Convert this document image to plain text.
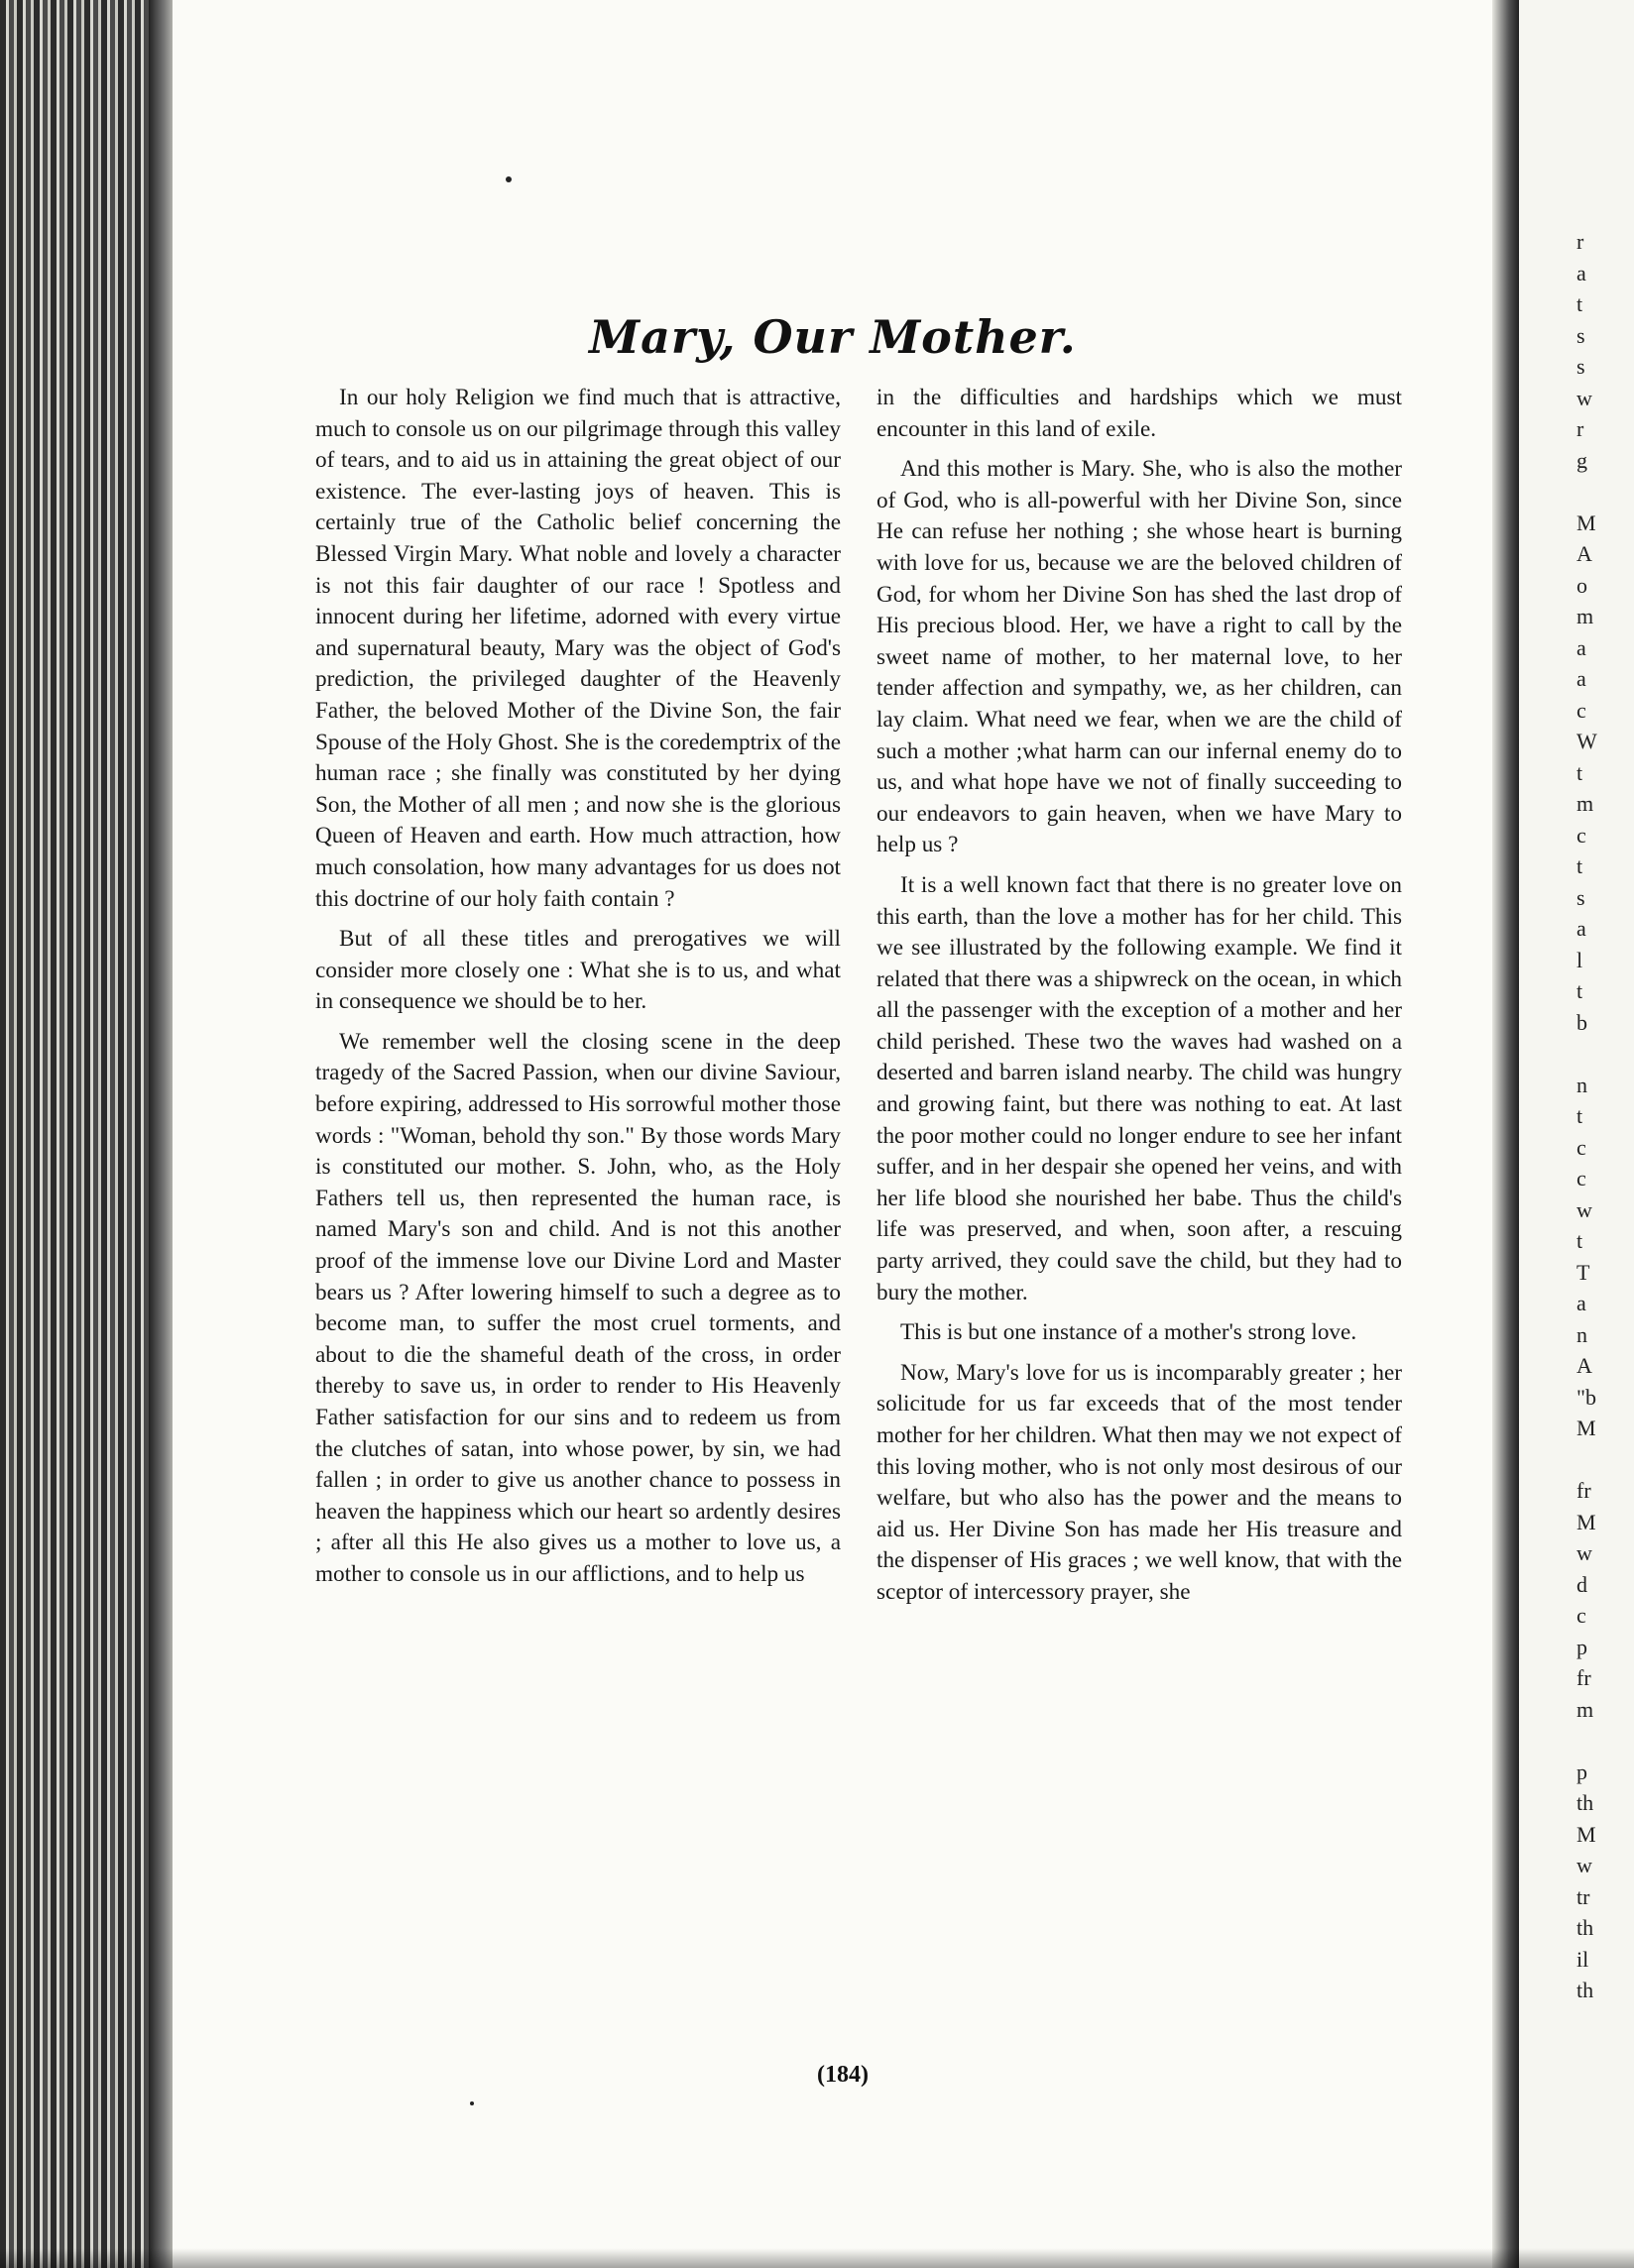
Mary, Our Mother.

In our holy Religion we find much that is attractive, much to console us on our pilgrimage through this valley of tears, and to aid us in attaining the great object of our existence. The ever-lasting joys of heaven. This is certainly true of the Catholic belief concerning the Blessed Virgin Mary. What noble and lovely a character is not this fair daughter of our race ! Spotless and innocent during her lifetime, adorned with every virtue and supernatural beauty, Mary was the object of God's prediction, the privileged daughter of the Heavenly Father, the beloved Mother of the Divine Son, the fair Spouse of the Holy Ghost. She is the coredemptrix of the human race ; she finally was constituted by her dying Son, the Mother of all men ; and now she is the glorious Queen of Heaven and earth. How much attraction, how much consolation, how many advantages for us does not this doctrine of our holy faith contain ?

But of all these titles and prerogatives we will consider more closely one : What she is to us, and what in consequence we should be to her.

We remember well the closing scene in the deep tragedy of the Sacred Passion, when our divine Saviour, before expiring, addressed to His sorrowful mother those words : "Woman, behold thy son." By those words Mary is constituted our mother. S. John, who, as the Holy Fathers tell us, then represented the human race, is named Mary's son and child. And is not this another proof of the immense love our Divine Lord and Master bears us ? After lowering himself to such a degree as to become man, to suffer the most cruel torments, and about to die the shameful death of the cross, in order thereby to save us, in order to render to His Heavenly Father satisfaction for our sins and to redeem us from the clutches of satan, into whose power, by sin, we had fallen ; in order to give us another chance to possess in heaven the happiness which our heart so ardently desires ; after all this He also gives us a mother to love us, a mother to console us in our afflictions, and to help us

in the difficulties and hardships which we must encounter in this land of exile.

And this mother is Mary. She, who is also the mother of God, who is all-powerful with her Divine Son, since He can refuse her nothing ; she whose heart is burning with love for us, because we are the beloved children of God, for whom her Divine Son has shed the last drop of His precious blood. Her, we have a right to call by the sweet name of mother, to her maternal love, to her tender affection and sympathy, we, as her children, can lay claim. What need we fear, when we are the child of such a mother ;what harm can our infernal enemy do to us, and what hope have we not of finally succeeding to our endeavors to gain heaven, when we have Mary to help us ?

It is a well known fact that there is no greater love on this earth, than the love a mother has for her child. This we see illustrated by the following example. We find it related that there was a shipwreck on the ocean, in which all the passenger with the exception of a mother and her child perished. These two the waves had washed on a deserted and barren island nearby. The child was hungry and growing faint, but there was nothing to eat. At last the poor mother could no longer endure to see her infant suffer, and in her despair she opened her veins, and with her life blood she nourished her babe. Thus the child's life was preserved, and when, soon after, a rescuing party arrived, they could save the child, but they had to bury the mother.

This is but one instance of a mother's strong love.

Now, Mary's love for us is incomparably greater ; her solicitude for us far exceeds that of the most tender mother for her children. What then may we not expect of this loving mother, who is not only most desirous of our welfare, but who also has the power and the means to aid us. Her Divine Son has made her His treasure and the dispenser of His graces ; we well know, that with the sceptor of intercessory prayer, she

(184)
r
a
t
s
s
w
r
g

M
A
o
m
a
a
c
W
t
m
c
t
s
a
l
t
b

n
t
c
c
w
t
T
a
n
A
"b
M

fr
M
w
d
c
p
fr
m

p
th
M
w
tr
th
il
th
